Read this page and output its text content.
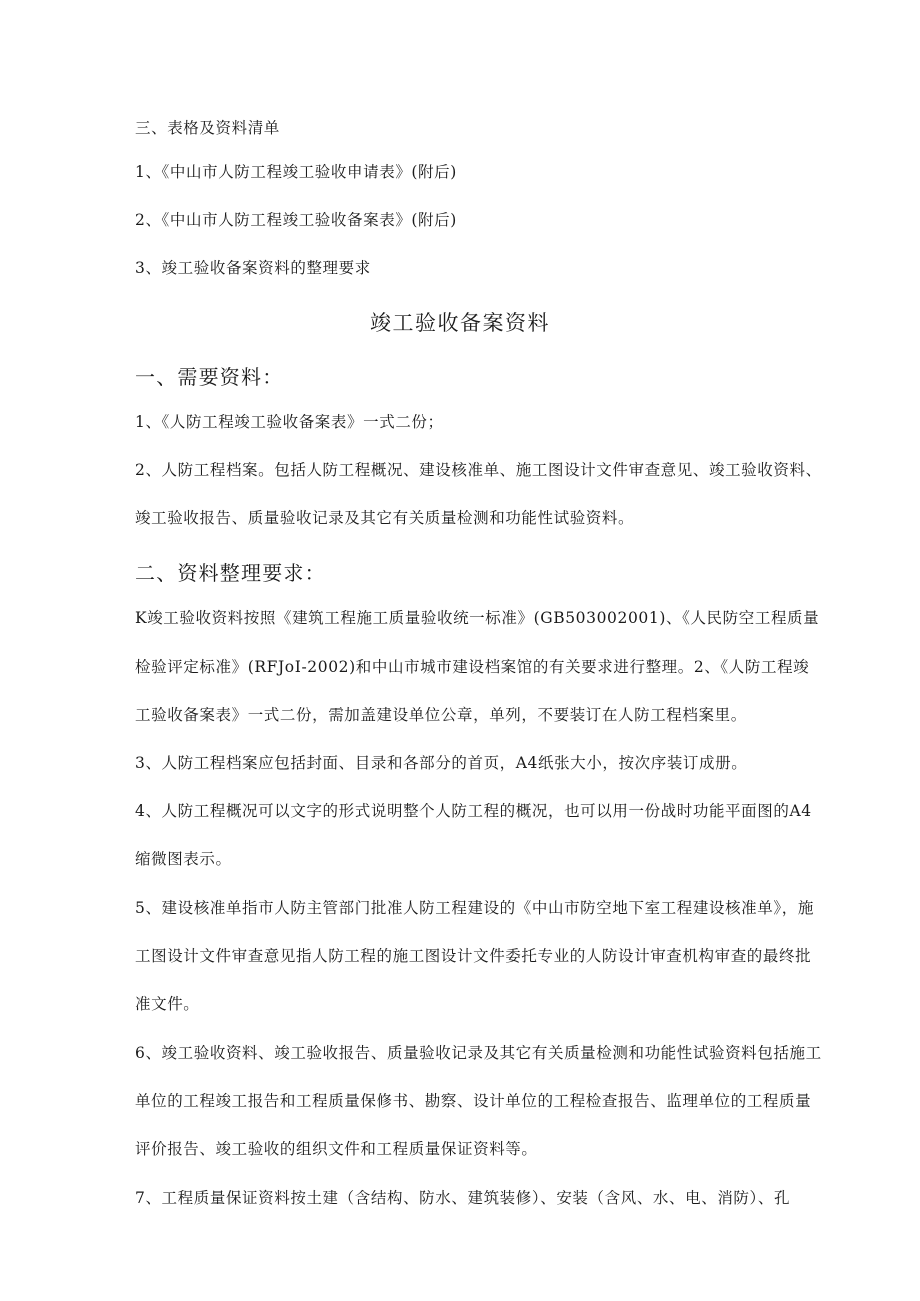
三、表格及资料清单
1、《中山市人防工程竣工验收申请表》(附后)
2、《中山市人防工程竣工验收备案表》(附后)
3、竣工验收备案资料的整理要求
竣工验收备案资料
一、需要资料：
1、《人防工程竣工验收备案表》一式二份；
2、人防工程档案。包括人防工程概况、建设核准单、施工图设计文件审查意见、竣工验收资料、
竣工验收报告、质量验收记录及其它有关质量检测和功能性试验资料。
二、资料整理要求：
K竣工验收资料按照《建筑工程施工质量验收统一标准》(GB503002001)、《人民防空工程质量
检验评定标准》(RFJoI-2002)和中山市城市建设档案馆的有关要求进行整理。2、《人防工程竣
工验收备案表》一式二份，需加盖建设单位公章，单列，不要装订在人防工程档案里。
3、人防工程档案应包括封面、目录和各部分的首页，A4纸张大小，按次序装订成册。
4、人防工程概况可以文字的形式说明整个人防工程的概况，也可以用一份战时功能平面图的A4
缩微图表示。
5、建设核准单指市人防主管部门批准人防工程建设的《中山市防空地下室工程建设核准单》，施
工图设计文件审查意见指人防工程的施工图设计文件委托专业的人防设计审查机构审查的最终批
准文件。
6、竣工验收资料、竣工验收报告、质量验收记录及其它有关质量检测和功能性试验资料包括施工
单位的工程竣工报告和工程质量保修书、勘察、设计单位的工程检查报告、监理单位的工程质量
评价报告、竣工验收的组织文件和工程质量保证资料等。
7、工程质量保证资料按土建（含结构、防水、建筑装修）、安装（含风、水、电、消防）、孔
